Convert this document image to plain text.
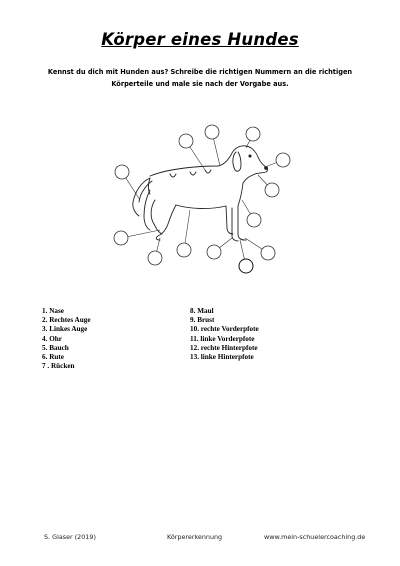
Körper eines Hundes
Kennst du dich mit Hunden aus? Schreibe die richtigen Nummern an die richtigen
Körperteile und male sie nach der Vorgabe aus.
1. Nase
2. Rechtes Auge
3. Linkes Auge
4. Ohr
5. Bauch
6. Rute
7 . Rücken
8. Maul
9. Brust
10. rechte Vorderpfote
11. linke Vorderpfote
12. rechte Hinterpfote
13. linke Hinterpfote
S. Glaser (2019)	Körpererkennung	www.mein-schuelercoaching.de
